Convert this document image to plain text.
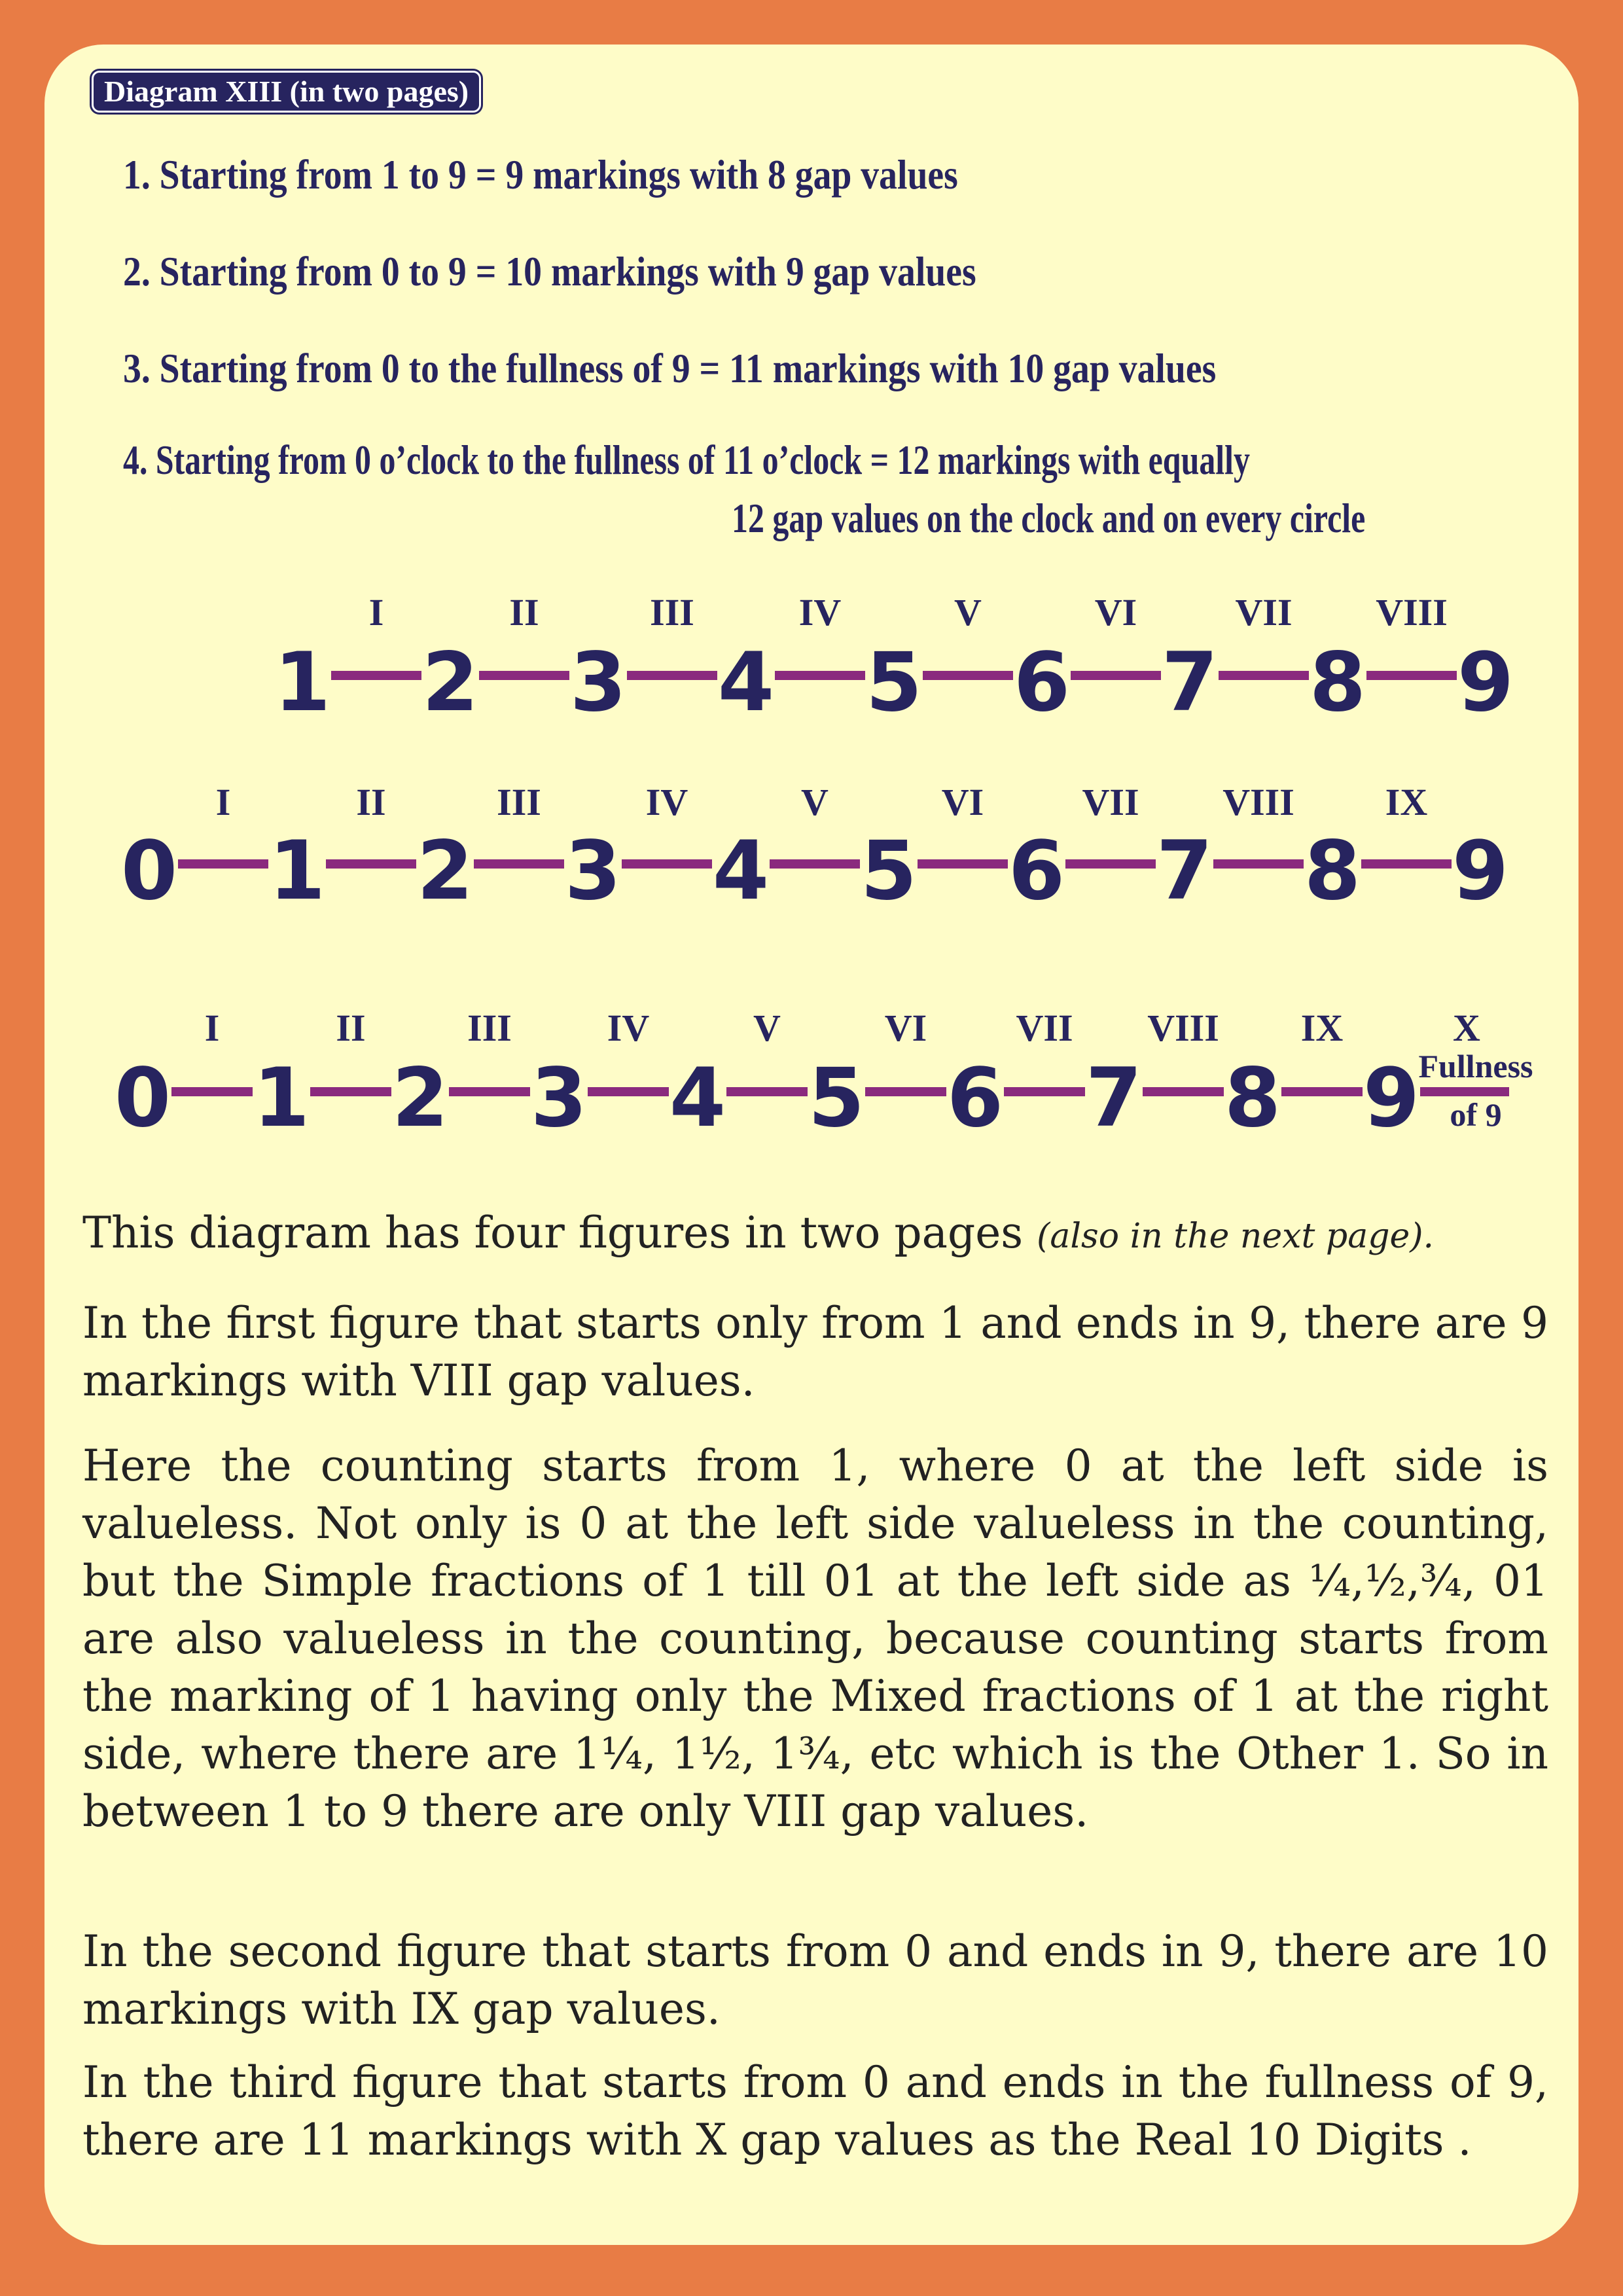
Diagram XIII (in two pages)

1. Starting from 1 to 9 = 9 markings with 8 gap values

2. Starting from 0 to 9 = 10 markings with 9 gap values

3. Starting from 0 to the fullness of 9 = 11 markings with 10 gap values

4. Starting from 0 o’clock to the fullness of 11 o’clock = 12 markings with equally

12 gap values on the clock and on every circle

I	II	III	IV	V	VI	VII VIII
1 2 3 4 5 6 7 8 9
I	II	III	IV	V	VI	VII VIII IX
0 1 2 3 4 5 6 7 8 9
I	II	III	IV	V	VI VII VIII IX	X
0 1 2 3 4 5 6 7 8 9
Fullness
of 9

This diagram has four figures in two pages (also in the next page).

In the first figure that starts only from 1 and ends in 9, there are 9 markings with VIII gap values.

Here the counting starts from 1, where 0 at the left side is valueless. Not only is 0 at the left side valueless in the counting, but the Simple fractions of 1 till 01 at the left side as ¼,½,¾, 01 are also valueless in the counting, because counting starts from the marking of 1 having only the Mixed fractions of 1 at the right side, where there are 1¼, 1½, 1¾, etc which is the Other 1. So in between 1 to 9 there are only VIII gap values.

In the second figure that starts from 0 and ends in 9, there are 10 markings with IX gap values.

In the third figure that starts from 0 and ends in the fullness of 9, there are 11 markings with X gap values as the Real 10 Digits .
